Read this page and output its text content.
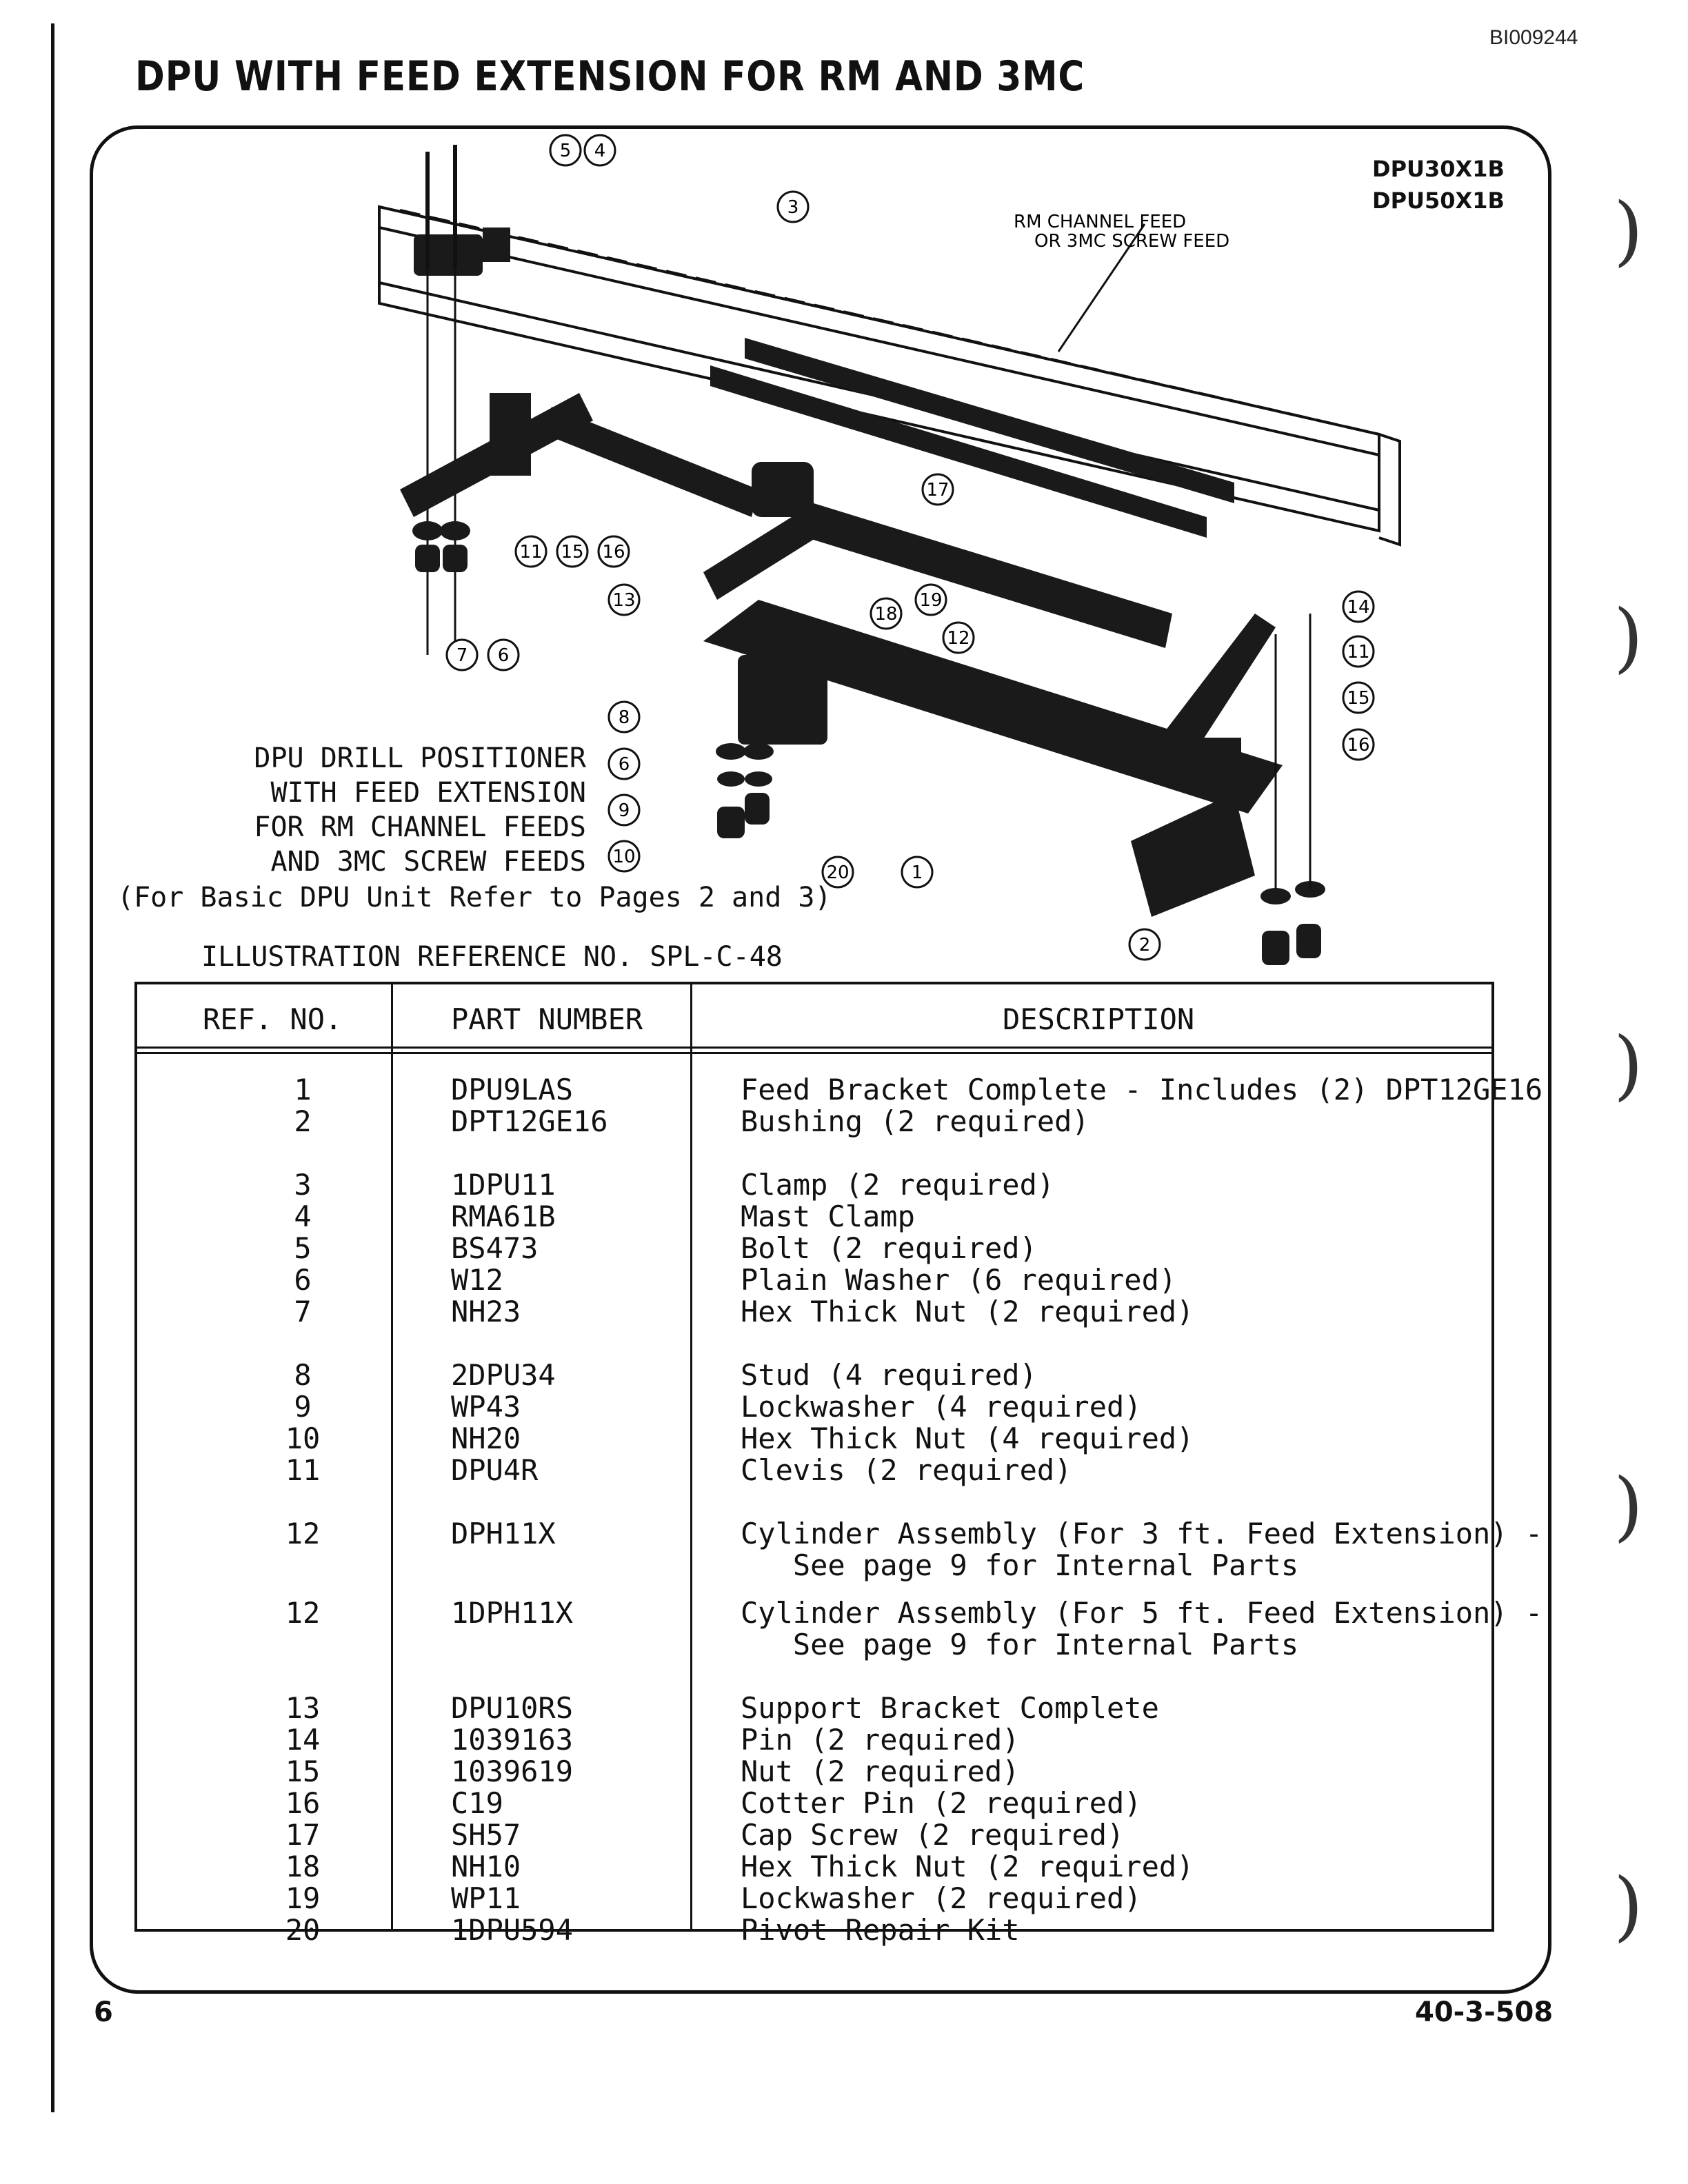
BI009244
DPU WITH FEED EXTENSION FOR RM AND 3MC
DPU30X1B
DPU50X1B
RM CHANNEL FEED
OR 3MC SCREW FEED
5 4
3
17
11 15 16
13
18
19
12
7 6
14
11
15
16
8
6
9
10
20	1
2
DPU DRILL POSITIONER
WITH FEED EXTENSION
FOR RM CHANNEL FEEDS
AND 3MC SCREW FEEDS
(For Basic DPU Unit Refer to Pages 2 and 3)
ILLUSTRATION REFERENCE NO. SPL-C-48
REF. NO.	PART NUMBER	DESCRIPTION
1	DPU9LAS	Feed Bracket Complete - Includes (2) DPT12GE16
2	DPT12GE16	Bushing (2 required)
3	1DPU11	Clamp (2 required)
4	RMA61B	Mast Clamp
5	BS473	Bolt (2 required)
6	W12	Plain Washer (6 required)
7	NH23	Hex Thick Nut (2 required)
8	2DPU34	Stud (4 required)
9	WP43	Lockwasher (4 required)
10	NH20	Hex Thick Nut (4 required)
11	DPU4R	Clevis (2 required)
12	DPH11X	Cylinder Assembly (For 3 ft. Feed Extension) -
See page 9 for Internal Parts
12	1DPH11X	Cylinder Assembly (For 5 ft. Feed Extension) -
See page 9 for Internal Parts
13	DPU10RS	Support Bracket Complete
14	1039163	Pin (2 required)
15	1039619	Nut (2 required)
16	C19	Cotter Pin (2 required)
17	SH57	Cap Screw (2 required)
18	NH10	Hex Thick Nut (2 required)
19	WP11	Lockwasher (2 required)
20	1DPU594	Pivot Repair Kit
6	40-3-508
)
)
)
)
)
